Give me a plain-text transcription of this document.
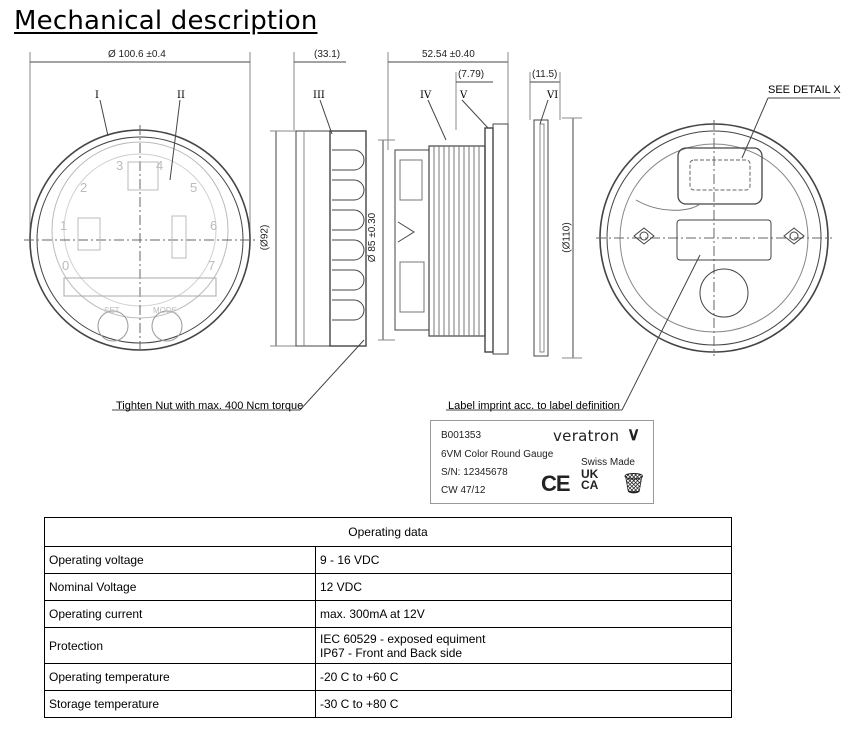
Mechanical description
Ø 100.6 ±0.4	(33.1)	52.54 ±0.40
(7.79)	(11.5)
(Ø92)	Ø 85 ±0.30	(Ø110)
I	II	III	IV	V	VI
0
1
2
3	4
5
6
7
SET	MODE
SEE DETAIL X
Tighten Nut with max. 400 Ncm torque	Label imprint acc. to label definition
B001353	veratron ∨
6VM Color Round Gauge
S/N: 12345678
Swiss Made
CW 47/12	CE UK
CA 🗑
Operating data	
Operating voltage	9 - 16 VDC
Nominal Voltage	12 VDC
Operating current	max. 300mA at 12V
Protection	IEC 60529 - exposed equiment
IP67 - Front and Back side
Operating temperature	-20 C to +60 C
Storage temperature	-30 C to +80 C
